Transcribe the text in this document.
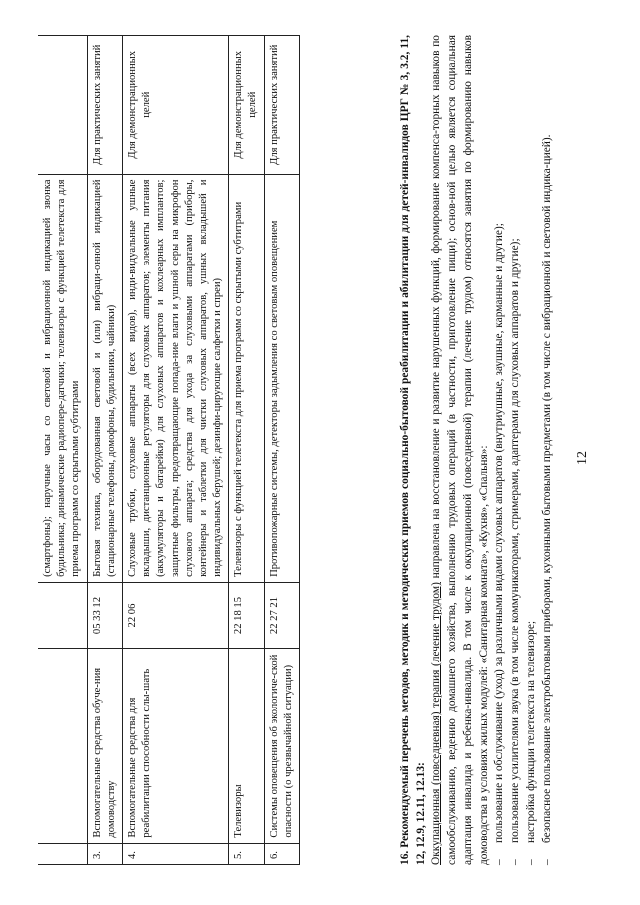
12
			(смартфоны); наручные часы со световой и вибрационной индикацией звонка будильника; динамические радиопере-датчики; телевизоры с функцией телетекста для приема программ со скрытыми субтитрами	
3.	Вспомогательные средства обуче-ния домоводству	05 33 12	Бытовая техника, оборудованная световой и (или) вибраци-онной индикацией (стационарные телефоны, домофоны, будильники, чайники)	Для практических занятий
4.	Вспомогательные средства для реабилитации способности слы-шать	22 06	Слуховые трубки, слуховые аппараты (всех видов), инди-видуальные ушные вкладыши, дистанционные регуляторы для слуховых аппаратов; элементы питания (аккумуляторы и батарейки) для слуховых аппаратов и кохлеарных имплантов; защитные фильтры, предотвращающие попада-ние влаги и ушной серы на микрофон слухового аппарата; средства для ухода за слуховыми аппаратами (приборы, контейнеры и таблетки для чистки слуховых аппаратов, ушных вкладышей и индивидуальных берушей; дезинфи-цирующие салфетки и спреи)	Для демонстрационных целей
5.	Телевизоры	22 18 15	Телевизоры с функцией телетекста для приема программ со скрытыми субтитрами	Для демонстрационных целей
6.	Системы оповещения об экологиче-ской опасности (о чрезвычайной ситуации)	22 27 21	Противопожарные системы, детекторы задымления со световым оповещением	Для практических занятий	16. Рекомендуемый перечень методов, методик и методических приемов социально-бытовой реабилитации и абилитации для детей-инвалидов ЦРГ № 3, 3.2, 11, 12, 12.9, 12.11, 12.13: Оккупационная (повседневная) терапия (лечение трудом) направлена на восстановление и развитие нарушенных функций, формирование компенса-торных навыков по самообслуживанию, ведению домашнего хозяйства, выполнению трудовых операций (в частности, приготовление пищи); основ-ной целью является социальная адаптация инвалида и ребенка-инвалида. В том числе к оккупационной (повседневной) терапии (лечение трудом) относятся занятия по формированию навыков домоводства в условиях жилых модулей: «Санитарная комната», «Кухня», «Спальня»: –
пользование и обслуживание (уход) за различными видами слуховых аппаратов (внутриушные, заушные, карманные и другие);
–
пользование усилителями звука (в том числе коммуникаторами, стримерами, адаптерами для слуховых аппаратов и другие);
–
настройка функции телетекста на телевизоре;
–
безопасное пользование электробытовыми приборами, кухонными бытовыми предметами (в том числе с вибрационной и световой индика-цией).
